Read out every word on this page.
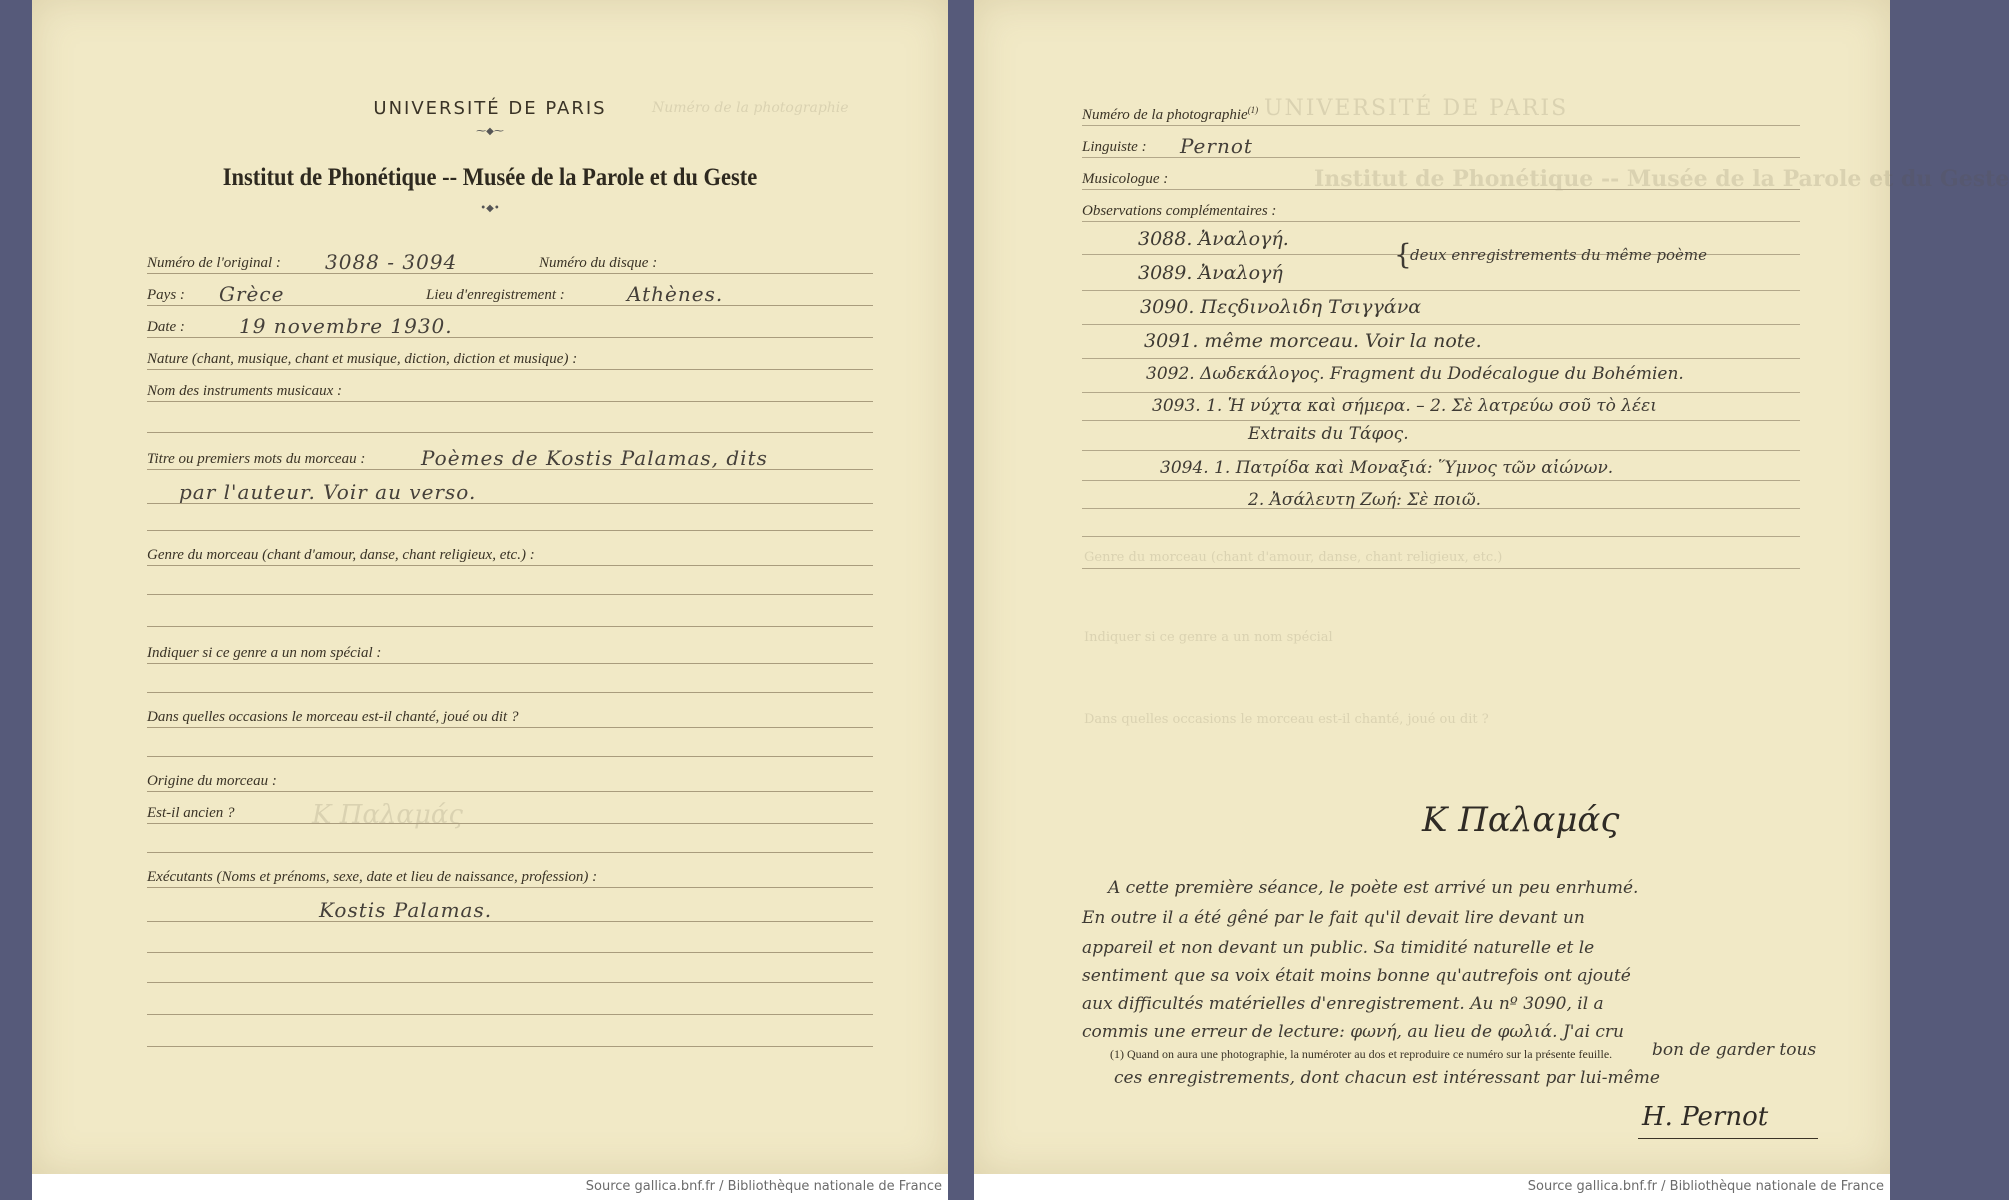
UNIVERSITÉ DE PARIS
⁓◆⁓
Institut de Phonétique -- Musée de la Parole et du Geste
•◆•
Numéro de la photographie
K Παλαμάς
Numéro de l'original : 3088 - 3094	Numéro du disque :
Pays : Grèce	Lieu d'enregistrement :	Athènes.
Date :	19 novembre 1930.
Nature (chant, musique, chant et musique, diction, diction et musique) :
Nom des instruments musicaux :
Titre ou premiers mots du morceau :	Poèmes de Kostis Palamas, dits
par l'auteur. Voir au verso.
Genre du morceau (chant d'amour, danse, chant religieux, etc.) :
Indiquer si ce genre a un nom spécial :
Dans quelles occasions le morceau est-il chanté, joué ou dit ?
Origine du morceau :
Est-il ancien ?
Exécutants (Noms et prénoms, sexe, date et lieu de naissance, profession) :
Kostis Palamas.
Source gallica.bnf.fr / Bibliothèque nationale de France
UNIVERSITÉ DE PARIS
Institut de Phonétique -- Musée de la Parole et du Geste
Numéro de la photographie$^{(1)}$
Linguiste : Pernot
Musicologue :
Observations complémentaires :
3088. Ἀναλογή.
3089. Ἀναλογή
{
deux enregistrements du même poème
3090. Πεςδινολιδη Τσιγγάνα
3091. même morceau. Voir la note.
3092. Δωδεκάλογος. Fragment du Dodécalogue du Bohémien.
3093. 1. Ἡ νύχτα καὶ σήμερα. – 2. Σὲ λατρεύω σοῦ τὸ λέει
Extraits du Τάφος.
3094. 1. Πατρίδα καὶ Μοναξιά: Ὕμνος τῶν αἰώνων.
2. Ἀσάλευτη Ζωή: Σὲ ποιῶ.
Genre du morceau (chant d'amour, danse, chant religieux, etc.)
Indiquer si ce genre a un nom spécial
Dans quelles occasions le morceau est-il chanté, joué ou dit ?
K Παλαμάς
A cette première séance, le poète est arrivé un peu enrhumé.
En outre il a été gêné par le fait qu'il devait lire devant un
appareil et non devant un public. Sa timidité naturelle et le
sentiment que sa voix était moins bonne qu'autrefois ont ajouté
aux difficultés matérielles d'enregistrement. Au nº 3090, il a
commis une erreur de lecture: φωνή, au lieu de φωλιά. J'ai cru
(1) Quand on aura une photographie, la numéroter au dos et reproduire ce numéro sur la présente feuille. bon de garder tous
ces enregistrements, dont chacun est intéressant par lui-même
H. Pernot
Source gallica.bnf.fr / Bibliothèque nationale de France
